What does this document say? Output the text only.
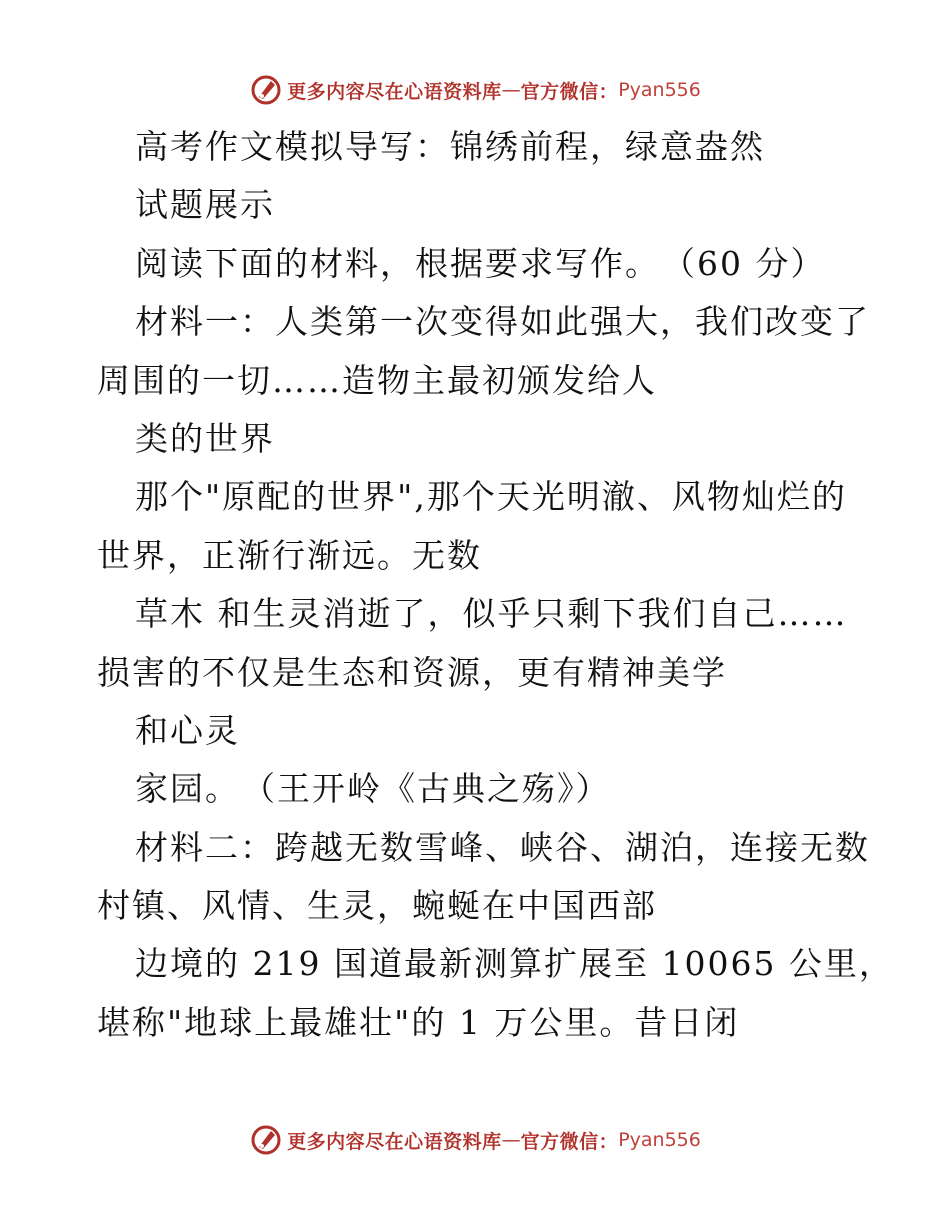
更多内容尽在心语资料库 — 官方微信： Pyan556
高考作文模拟导写：锦绣前程，绿意盎然
试题展示
阅读下面的材料，根据要求写作。　（60 分）
材料一：人类第一次变得如此强大，我们改变了
周围的一切……造物主最初颁发给人
类的世界
那个"原配的世界",那个天光明澈、风物灿烂的
世界，正渐行渐远。无数
草木 和生灵消逝了，似乎只剩下我们自己……
损害的不仅是生态和资源，更有精神美学
和心灵
家园。　（王开岭《古典之殇》）
材料二：跨越无数雪峰、峡谷、湖泊，连接无数
村镇、风情、生灵，蜿蜒在中国西部
边境的 219 国道最新测算扩展至 10065 公里，
堪称"地球上最雄壮"的 1 万公里。昔日闭
更多内容尽在心语资料库 — 官方微信： Pyan556
